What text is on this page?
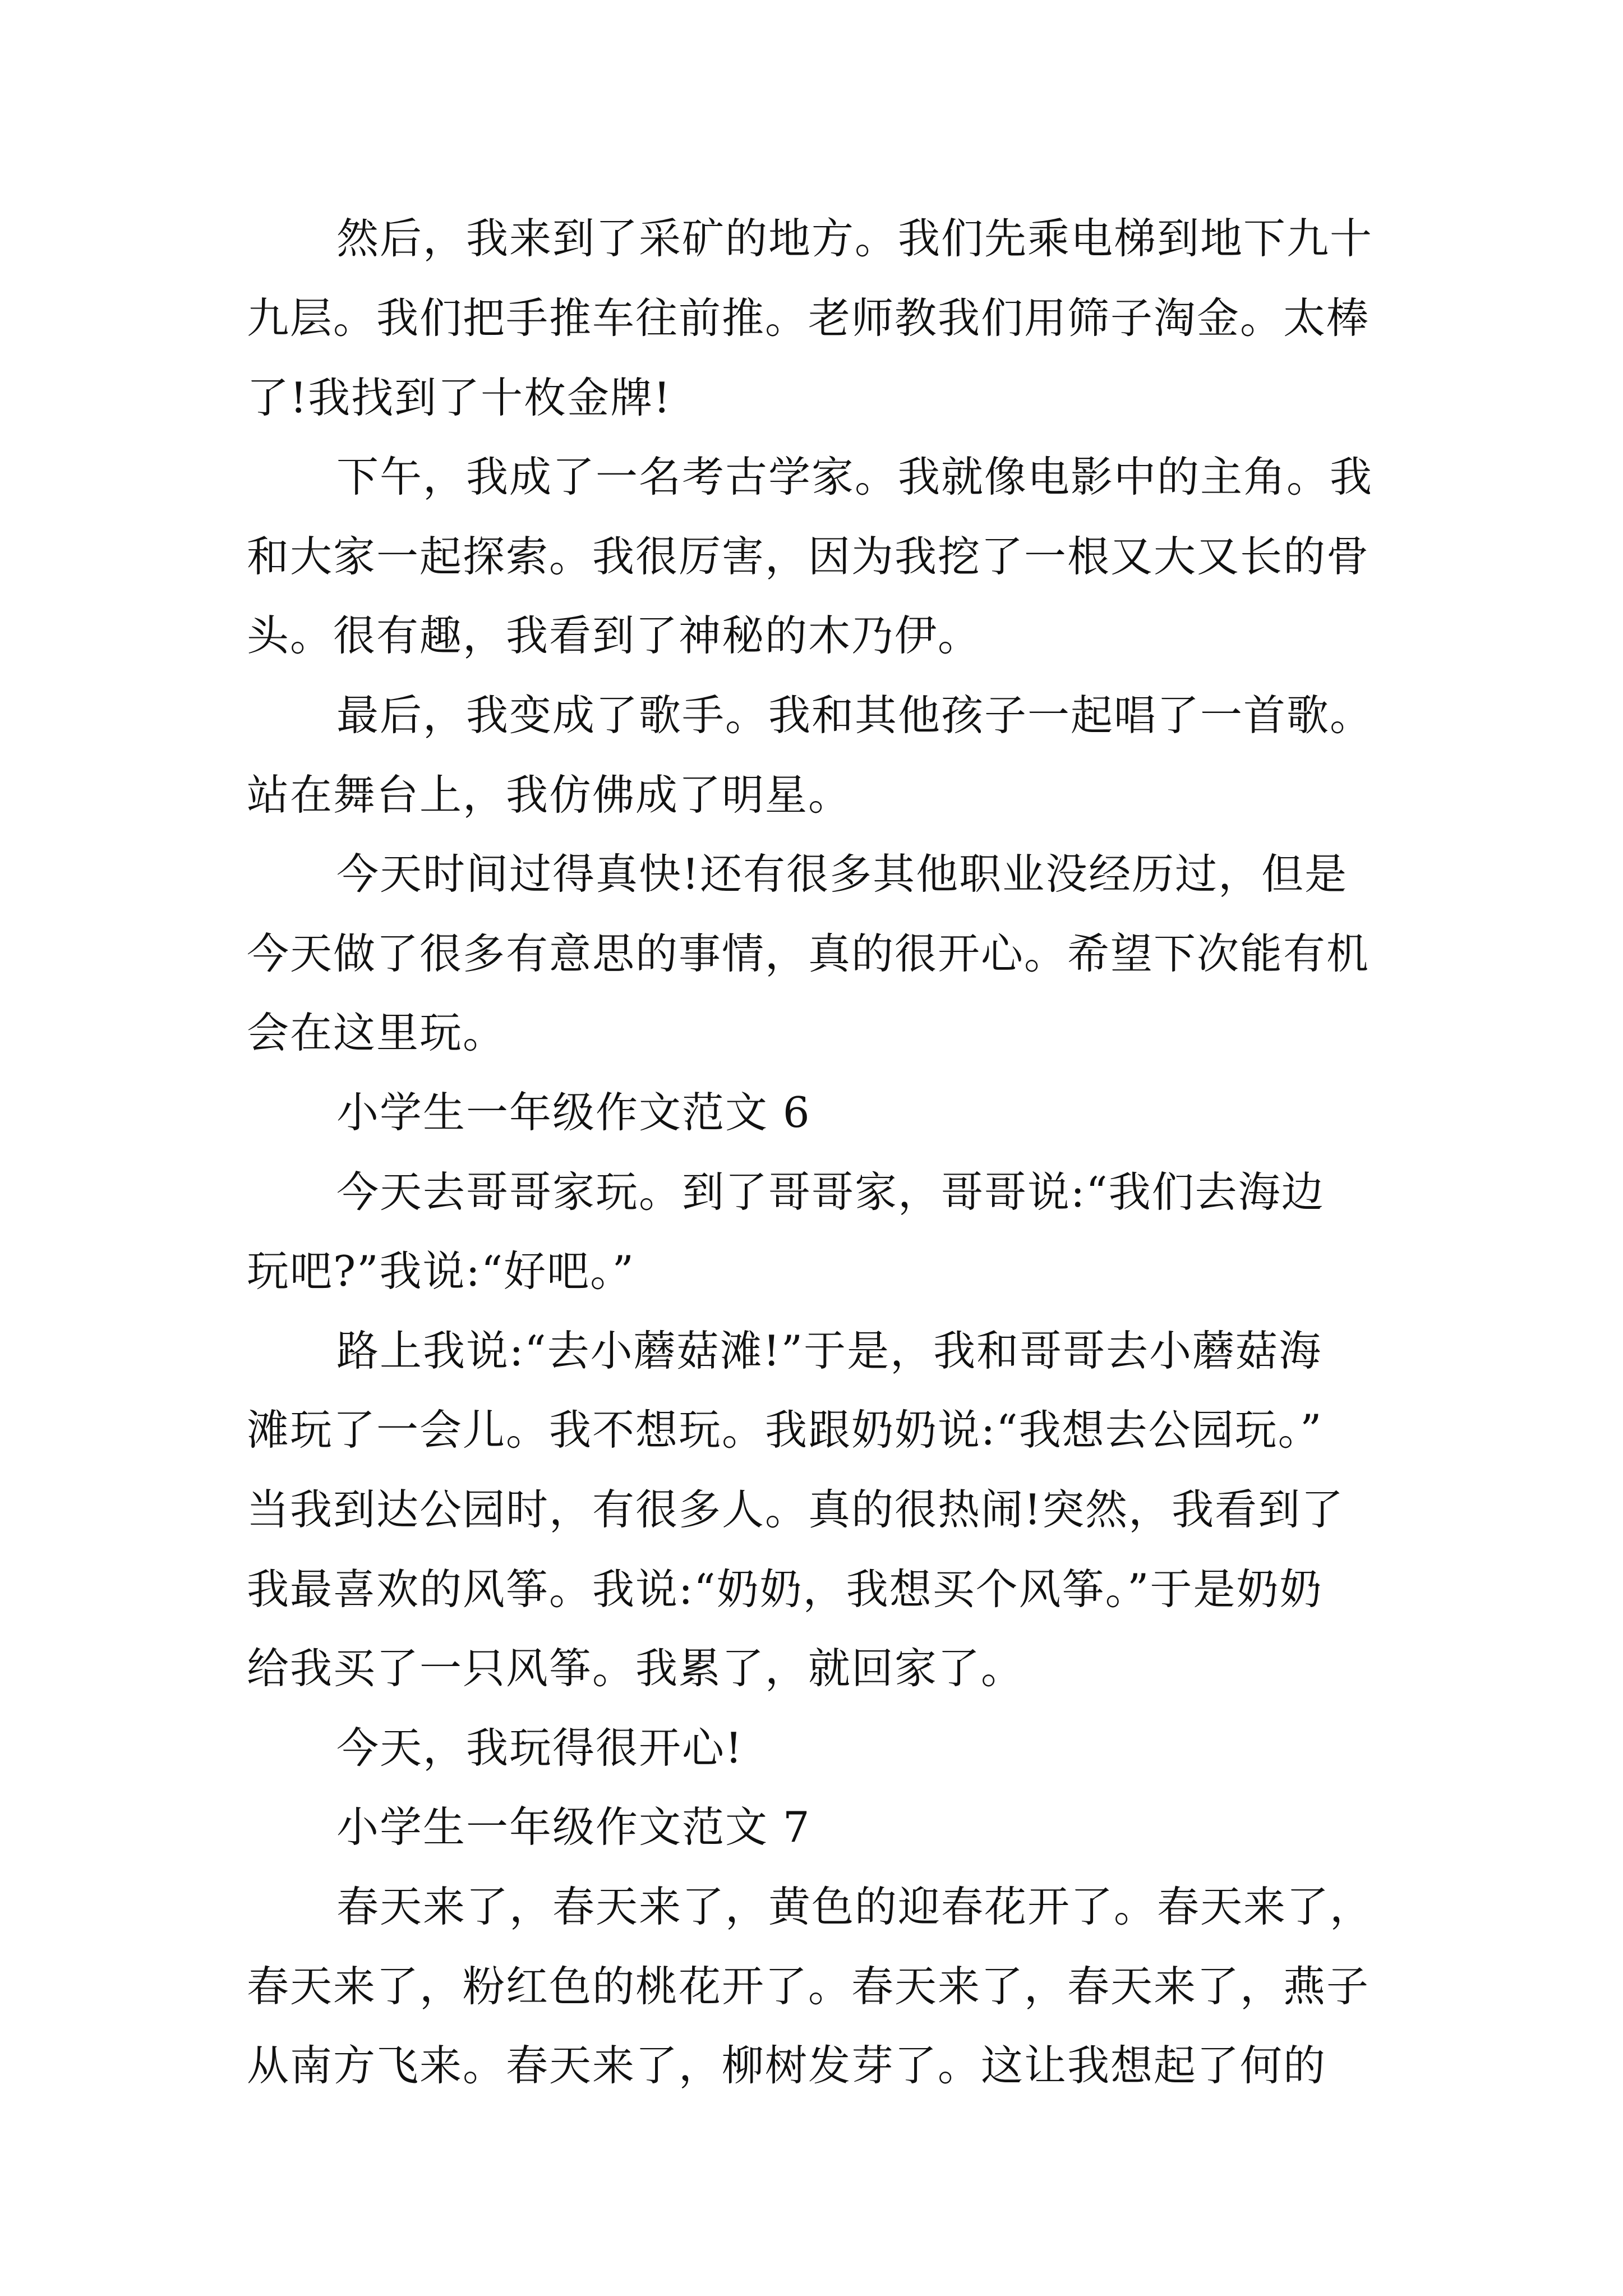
然后，我来到了采矿的地方。我们先乘电梯到地下九十

九层。我们把手推车往前推。老师教我们用筛子淘金。太棒

了!我找到了十枚金牌!

下午，我成了一名考古学家。我就像电影中的主角。我

和大家一起探索。我很厉害，因为我挖了一根又大又长的骨

头。很有趣，我看到了神秘的木乃伊。

最后，我变成了歌手。我和其他孩子一起唱了一首歌。

站在舞台上，我仿佛成了明星。

今天时间过得真快!还有很多其他职业没经历过，但是

今天做了很多有意思的事情，真的很开心。希望下次能有机

会在这里玩。

小学生一年级作文范文 6

今天去哥哥家玩。到了哥哥家，哥哥说:“我们去海边

玩吧?”我说:“好吧。”

路上我说:“去小蘑菇滩!”于是，我和哥哥去小蘑菇海

滩玩了一会儿。我不想玩。我跟奶奶说:“我想去公园玩。”

当我到达公园时，有很多人。真的很热闹!突然，我看到了

我最喜欢的风筝。我说:“奶奶，我想买个风筝。”于是奶奶

给我买了一只风筝。我累了，就回家了。

今天，我玩得很开心!

小学生一年级作文范文 7

春天来了，春天来了，黄色的迎春花开了。春天来了，

春天来了，粉红色的桃花开了。春天来了，春天来了，燕子

从南方飞来。春天来了，柳树发芽了。这让我想起了何的
